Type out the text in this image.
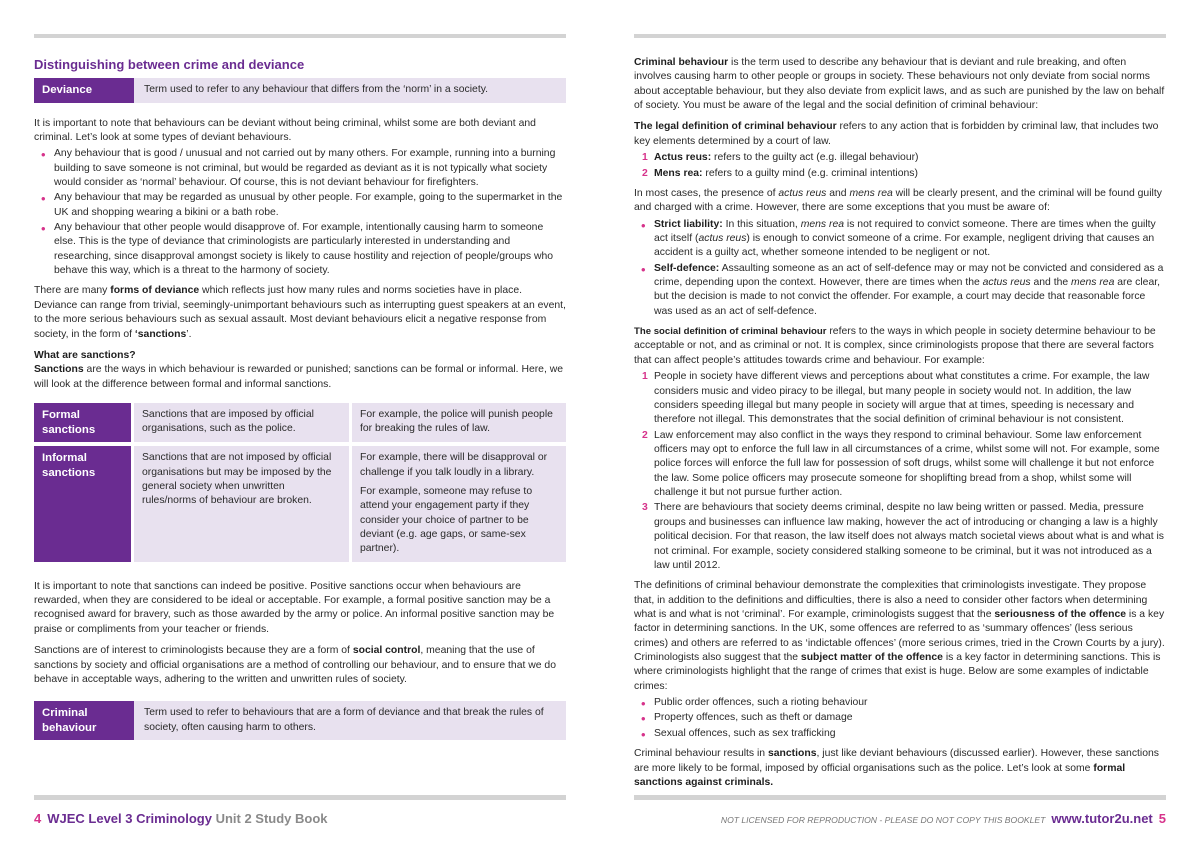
Distinguishing between crime and deviance
Deviance	Term used to refer to any behaviour that differs from the ‘norm’ in a society.

It is important to note that behaviours can be deviant without being criminal, whilst some are both deviant and criminal. Let’s look at some types of deviant behaviours.

• Any behaviour that is good / unusual and not carried out by many others. For example, running into a burning building to save someone is not criminal, but would be regarded as deviant as it is not typically what society would consider as ‘normal’ behaviour. Of course, this is not deviant behaviour for firefighters.
• Any behaviour that may be regarded as unusual by other people. For example, going to the supermarket in the UK and shopping wearing a bikini or a bath robe.
• Any behaviour that other people would disapprove of. For example, intentionally causing harm to someone else. This is the type of deviance that criminologists are particularly interested in understanding and researching, since disapproval amongst society is likely to cause hostility and rejection of people/groups who behave this way, which is a threat to the harmony of society.

There are many forms of deviance which reflects just how many rules and norms societies have in place. Deviance can range from trivial, seemingly-unimportant behaviours such as interrupting guest speakers at an event, to the more serious behaviours such as sexual assault. Most deviant behaviours elicit a negative response from society, in the form of ‘sanctions’.

What are sanctions?

Sanctions are the ways in which behaviour is rewarded or punished; sanctions can be formal or informal. Here, we will look at the difference between formal and informal sanctions.

Formal sanctions	Sanctions that are imposed by official organisations, such as the police.	For example, the police will punish people for breaking the rules of law.

Informal sanctions	Sanctions that are not imposed by official organisations but may be imposed by the general society when unwritten rules/norms of behaviour are broken.	For example, there will be disapproval or challenge if you talk loudly in a library.
For example, someone may refuse to attend your engagement party if they consider your choice of partner to be deviant (e.g. age gaps, or same-sex partner).

It is important to note that sanctions can indeed be positive. Positive sanctions occur when behaviours are rewarded, when they are considered to be ideal or acceptable. For example, a formal positive sanction may be a recognised award for bravery, such as those awarded by the army or police. An informal positive sanction may be praise or compliments from your teacher or friends.

Sanctions are of interest to criminologists because they are a form of social control, meaning that the use of sanctions by society and official organisations are a method of controlling our behaviour, and to ensure that we do behave in acceptable ways, adhering to the written and unwritten rules of society.

Criminal behaviour
Term used to refer to behaviours that are a form of deviance and that break the rules of society, often causing harm to others.

Criminal behaviour is the term used to describe any behaviour that is deviant and rule breaking, and often involves causing harm to other people or groups in society. These behaviours not only deviate from social norms about acceptable behaviour, but they also deviate from explicit laws, and as such are punished by the law on behalf of society. You must be aware of the legal and the social definition of criminal behaviour:

The legal definition of criminal behaviour refers to any action that is forbidden by criminal law, that includes two key elements determined by a court of law.

1 Actus reus: refers to the guilty act (e.g. illegal behaviour)
2 Mens rea: refers to a guilty mind (e.g. criminal intentions)

In most cases, the presence of actus reus and mens rea will be clearly present, and the criminal will be found guilty and charged with a crime. However, there are some exceptions that you must be aware of:

• Strict liability: In this situation, mens rea is not required to convict someone. There are times when the guilty act itself (actus reus) is enough to convict someone of a crime. For example, negligent driving that causes an accident is a guilty act, whether someone intended to be negligent or not.
• Self-defence: Assaulting someone as an act of self-defence may or may not be convicted and considered as a crime, depending upon the context. However, there are times when the actus reus and the mens rea are clear, but the decision is made to not convict the offender. For example, a court may decide that reasonable force was used as an act of self-defence.

The social definition of criminal behaviour refers to the ways in which people in society determine behaviour to be acceptable or not, and as criminal or not. It is complex, since criminologists propose that there are several factors that can affect people’s attitudes towards crime and behaviour. For example:

1 People in society have different views and perceptions about what constitutes a crime. For example, the law considers music and video piracy to be illegal, but many people in society would not. In addition, the law considers speeding illegal but many people in society will argue that at times, speeding is necessary and therefore not illegal. This demonstrates that the social definition of criminal behaviour is not consistent.
2 Law enforcement may also conflict in the ways they respond to criminal behaviour. Some law enforcement officers may opt to enforce the full law in all circumstances of a crime, whilst some will not. For example, some police forces will enforce the full law for possession of soft drugs, whilst some will challenge it but not enforce the law. Some police officers may prosecute someone for shoplifting bread from a shop, whilst some will challenge it but not pursue further action.
3 There are behaviours that society deems criminal, despite no law being written or passed. Media, pressure groups and businesses can influence law making, however the act of introducing or changing a law is a highly political decision. For that reason, the law itself does not always match societal views about what is and what is not criminal. For example, society considered stalking someone to be criminal, but it was not introduced as a law until 2012.

The definitions of criminal behaviour demonstrate the complexities that criminologists investigate. They propose that, in addition to the definitions and difficulties, there is also a need to consider other factors when determining what is and what is not ‘criminal’. For example, criminologists suggest that the seriousness of the offence is a key factor in determining sanctions. In the UK, some offences are referred to as ‘summary offences’ (less serious crimes) and others are referred to as ‘indictable offences’ (more serious crimes, tried in the Crown Courts by a jury). Criminologists also suggest that the subject matter of the offence is a key factor in determining sanctions. This is where criminologists highlight that the range of crimes that exist is huge. Below are some examples of indictable crimes:

• Public order offences, such a rioting behaviour
• Property offences, such as theft or damage
• Sexual offences, such as sex trafficking

Criminal behaviour results in sanctions, just like deviant behaviours (discussed earlier). However, these sanctions are more likely to be formal, imposed by official organisations such as the police. Let’s look at some formal sanctions against criminals.

4 WJEC Level 3 Criminology Unit 2 Study Book	NOT LICENSED FOR REPRODUCTION - PLEASE DO NOT COPY THIS BOOKLET www.tutor2u.net 5
